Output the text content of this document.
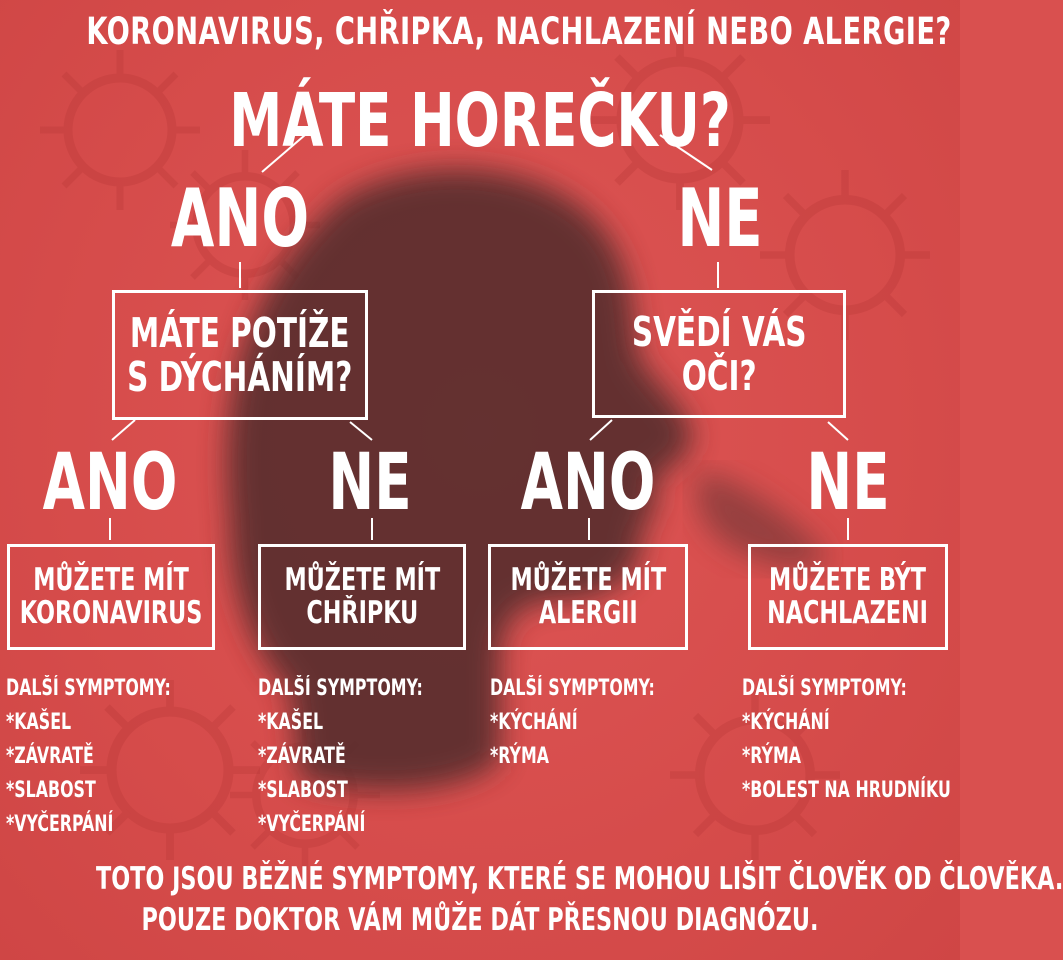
KORONAVIRUS, CHŘIPKA, NACHLAZENÍ NEBO ALERGIE?
MÁTE HOREČKU?
ANO	NE
MÁTE POTÍŽE
S DÝCHÁNÍM?
SVĚDÍ VÁS
OČI?
ANO	NE	ANO	NE
MŮŽETE MÍT
KORONAVIRUS
MŮŽETE MÍT
CHŘIPKU
MŮŽETE MÍT
ALERGII
MŮŽETE BÝT
NACHLAZENI
DALŠÍ SYMPTOMY:
*KAŠEL
*ZÁVRATĚ
*SLABOST
*VYČERPÁNÍ
DALŠÍ SYMPTOMY:
*KAŠEL
*ZÁVRATĚ
*SLABOST
*VYČERPÁNÍ
DALŠÍ SYMPTOMY:
*KÝCHÁNÍ
*RÝMA
DALŠÍ SYMPTOMY:
*KÝCHÁNÍ
*RÝMA
*BOLEST NA HRUDNÍKU
TOTO JSOU BĚŽNÉ SYMPTOMY, KTERÉ SE MOHOU LIŠIT ČLOVĚK OD ČLOVĚKA.
POUZE DOKTOR VÁM MŮŽE DÁT PŘESNOU DIAGNÓZU.
